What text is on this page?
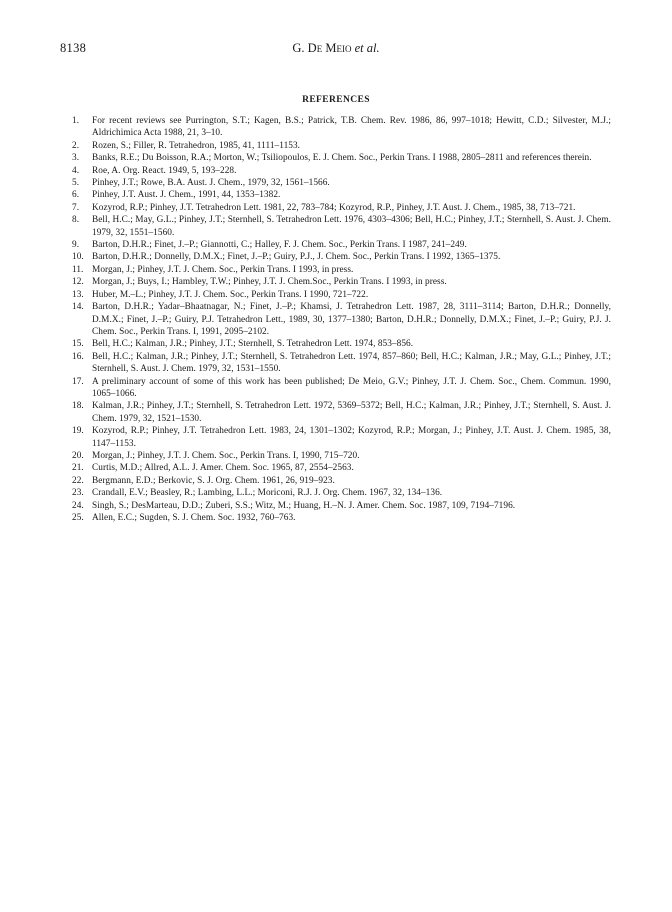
8138	G. De Meio et al.
REFERENCES
1. For recent reviews see Purrington, S.T.; Kagen, B.S.; Patrick, T.B. Chem. Rev. 1986, 86, 997–1018; Hewitt, C.D.; Silvester, M.J.; Aldrichimica Acta 1988, 21, 3–10.
2. Rozen, S.; Filler, R. Tetrahedron, 1985, 41, 1111–1153.
3. Banks, R.E.; Du Boisson, R.A.; Morton, W.; Tsiliopoulos, E. J. Chem. Soc., Perkin Trans. I 1988, 2805–2811 and references therein.
4. Roe, A. Org. React. 1949, 5, 193–228.
5. Pinhey, J.T.; Rowe, B.A. Aust. J. Chem., 1979, 32, 1561–1566.
6. Pinhey, J.T. Aust. J. Chem., 1991, 44, 1353–1382.
7. Kozyrod, R.P.; Pinhey, J.T. Tetrahedron Lett. 1981, 22, 783–784; Kozyrod, R.P., Pinhey, J.T. Aust. J. Chem., 1985, 38, 713–721.
8. Bell, H.C.; May, G.L.; Pinhey, J.T.; Sternhell, S. Tetrahedron Lett. 1976, 4303–4306; Bell, H.C.; Pinhey, J.T.; Sternhell, S. Aust. J. Chem. 1979, 32, 1551–1560.
9. Barton, D.H.R.; Finet, J.–P.; Giannotti, C.; Halley, F. J. Chem. Soc., Perkin Trans. I 1987, 241–249.
10. Barton, D.H.R.; Donnelly, D.M.X.; Finet, J.–P.; Guiry, P.J., J. Chem. Soc., Perkin Trans. I 1992, 1365–1375.
11. Morgan, J.; Pinhey, J.T. J. Chem. Soc., Perkin Trans. I 1993, in press.
12. Morgan, J.; Buys, I.; Hambley, T.W.; Pinhey, J.T. J. Chem.Soc., Perkin Trans. I 1993, in press.
13. Huber, M.–L.; Pinhey, J.T. J. Chem. Soc., Perkin Trans. I 1990, 721–722.
14. Barton, D.H.R.; Yadar–Bhaatnagar, N.; Finet, J.–P.; Khamsi, J. Tetrahedron Lett. 1987, 28, 3111–3114; Barton, D.H.R.; Donnelly, D.M.X.; Finet, J.–P.; Guiry, P.J. Tetrahedron Lett., 1989, 30, 1377–1380; Barton, D.H.R.; Donnelly, D.M.X.; Finet, J.–P.; Guiry, P.J. J. Chem. Soc., Perkin Trans. I, 1991, 2095–2102.
15. Bell, H.C.; Kalman, J.R.; Pinhey, J.T.; Sternhell, S. Tetrahedron Lett. 1974, 853–856.
16. Bell, H.C.; Kalman, J.R.; Pinhey, J.T.; Sternhell, S. Tetrahedron Lett. 1974, 857–860; Bell, H.C.; Kalman, J.R.; May, G.L.; Pinhey, J.T.; Sternhell, S. Aust. J. Chem. 1979, 32, 1531–1550.
17. A preliminary account of some of this work has been published; De Meio, G.V.; Pinhey, J.T. J. Chem. Soc., Chem. Commun. 1990, 1065–1066.
18. Kalman, J.R.; Pinhey, J.T.; Sternhell, S. Tetrahedron Lett. 1972, 5369–5372; Bell, H.C.; Kalman, J.R.; Pinhey, J.T.; Sternhell, S. Aust. J. Chem. 1979, 32, 1521–1530.
19. Kozyrod, R.P.; Pinhey, J.T. Tetrahedron Lett. 1983, 24, 1301–1302; Kozyrod, R.P.; Morgan, J.; Pinhey, J.T. Aust. J. Chem. 1985, 38, 1147–1153.
20. Morgan, J.; Pinhey, J.T. J. Chem. Soc., Perkin Trans. I, 1990, 715–720.
21. Curtis, M.D.; Allred, A.L. J. Amer. Chem. Soc. 1965, 87, 2554–2563.
22. Bergmann, E.D.; Berkovic, S. J. Org. Chem. 1961, 26, 919–923.
23. Crandall, E.V.; Beasley, R.; Lambing, L.L.; Moriconi, R.J. J. Org. Chem. 1967, 32, 134–136.
24. Singh, S.; DesMarteau, D.D.; Zuberi, S.S.; Witz, M.; Huang, H.–N. J. Amer. Chem. Soc. 1987, 109, 7194–7196.
25. Allen, E.C.; Sugden, S. J. Chem. Soc. 1932, 760–763.
